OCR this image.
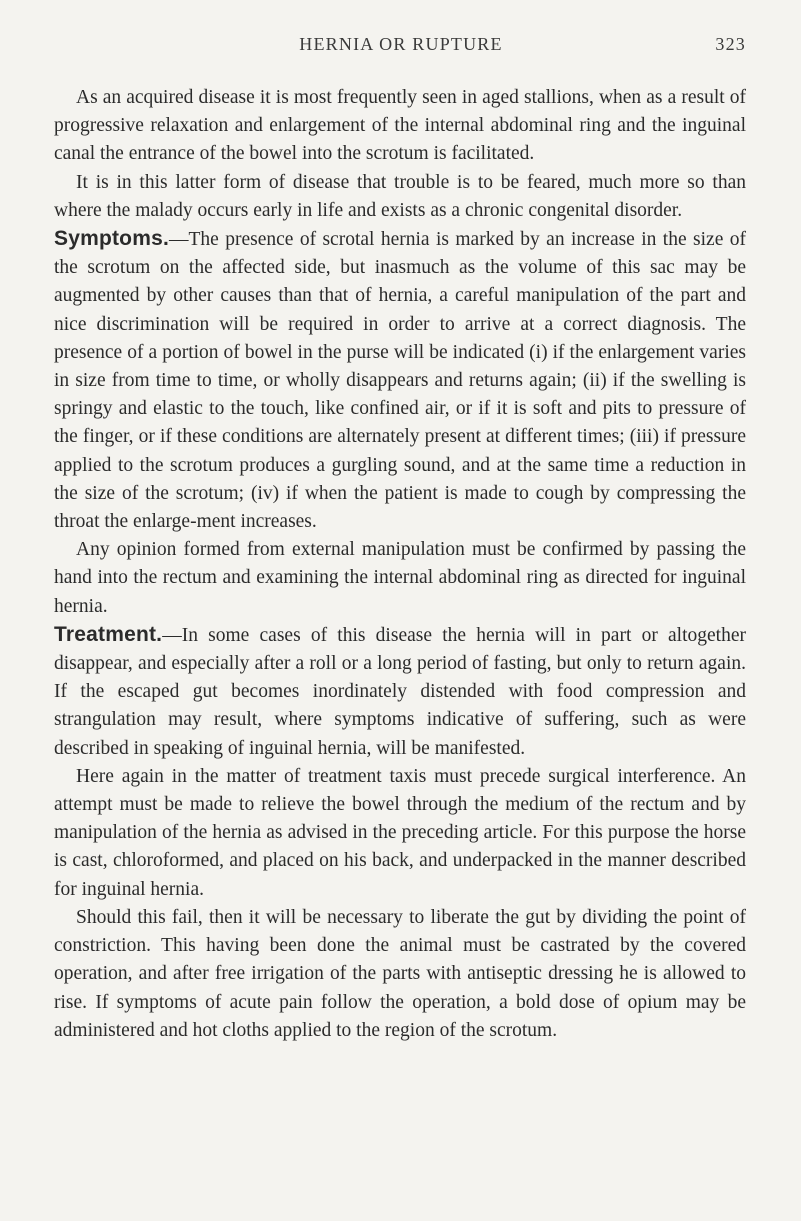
HERNIA OR RUPTURE	323

As an acquired disease it is most frequently seen in aged stallions, when as a result of progressive relaxation and enlargement of the internal abdominal ring and the inguinal canal the entrance of the bowel into the scrotum is facilitated.

It is in this latter form of disease that trouble is to be feared, much more so than where the malady occurs early in life and exists as a chronic congenital disorder.

Symptoms.—The presence of scrotal hernia is marked by an increase in the size of the scrotum on the affected side, but inasmuch as the volume of this sac may be augmented by other causes than that of hernia, a careful manipulation of the part and nice discrimination will be required in order to arrive at a correct diagnosis. The presence of a portion of bowel in the purse will be indicated (i) if the enlargement varies in size from time to time, or wholly disappears and returns again; (ii) if the swelling is springy and elastic to the touch, like confined air, or if it is soft and pits to pressure of the finger, or if these conditions are alternately present at different times; (iii) if pressure applied to the scrotum produces a gurgling sound, and at the same time a reduction in the size of the scrotum; (iv) if when the patient is made to cough by compressing the throat the enlarge-ment increases.

Any opinion formed from external manipulation must be confirmed by passing the hand into the rectum and examining the internal abdominal ring as directed for inguinal hernia.

Treatment.—In some cases of this disease the hernia will in part or altogether disappear, and especially after a roll or a long period of fasting, but only to return again. If the escaped gut becomes inordinately distended with food compression and strangulation may result, where symptoms indicative of suffering, such as were described in speaking of inguinal hernia, will be manifested.

Here again in the matter of treatment taxis must precede surgical interference. An attempt must be made to relieve the bowel through the medium of the rectum and by manipulation of the hernia as advised in the preceding article. For this purpose the horse is cast, chloroformed, and placed on his back, and underpacked in the manner described for inguinal hernia.

Should this fail, then it will be necessary to liberate the gut by dividing the point of constriction. This having been done the animal must be castrated by the covered operation, and after free irrigation of the parts with antiseptic dressing he is allowed to rise. If symptoms of acute pain follow the operation, a bold dose of opium may be administered and hot cloths applied to the region of the scrotum.
